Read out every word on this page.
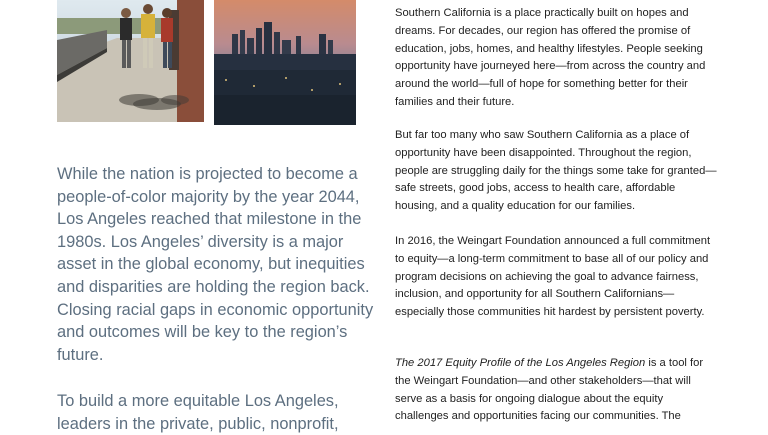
While the nation is projected to become a people-of-color majority by the year 2044, Los Angeles reached that milestone in the 1980s. Los Angeles’ diversity is a major asset in the global economy, but inequities and disparities are holding the region back. Closing racial gaps in economic opportunity and outcomes will be key to the region’s future.

To build a more equitable Los Angeles, leaders in the private, public, nonprofit,

Southern California is a place practically built on hopes and dreams. For decades, our region has offered the promise of education, jobs, homes, and healthy lifestyles. People seeking opportunity have journeyed here—from across the country and around the world—full of hope for something better for their families and their future.

But far too many who saw Southern California as a place of opportunity have been disappointed. Throughout the region, people are struggling daily for the things some take for granted—safe streets, good jobs, access to health care, affordable housing, and a quality education for our families.

In 2016, the Weingart Foundation announced a full commitment to equity—a long-term commitment to base all of our policy and program decisions on achieving the goal to advance fairness, inclusion, and opportunity for all Southern Californians—especially those communities hit hardest by persistent poverty.

The 2017 Equity Profile of the Los Angeles Region is a tool for the Weingart Foundation—and other stakeholders—that will serve as a basis for ongoing dialogue about the equity challenges and opportunities facing our communities. The
